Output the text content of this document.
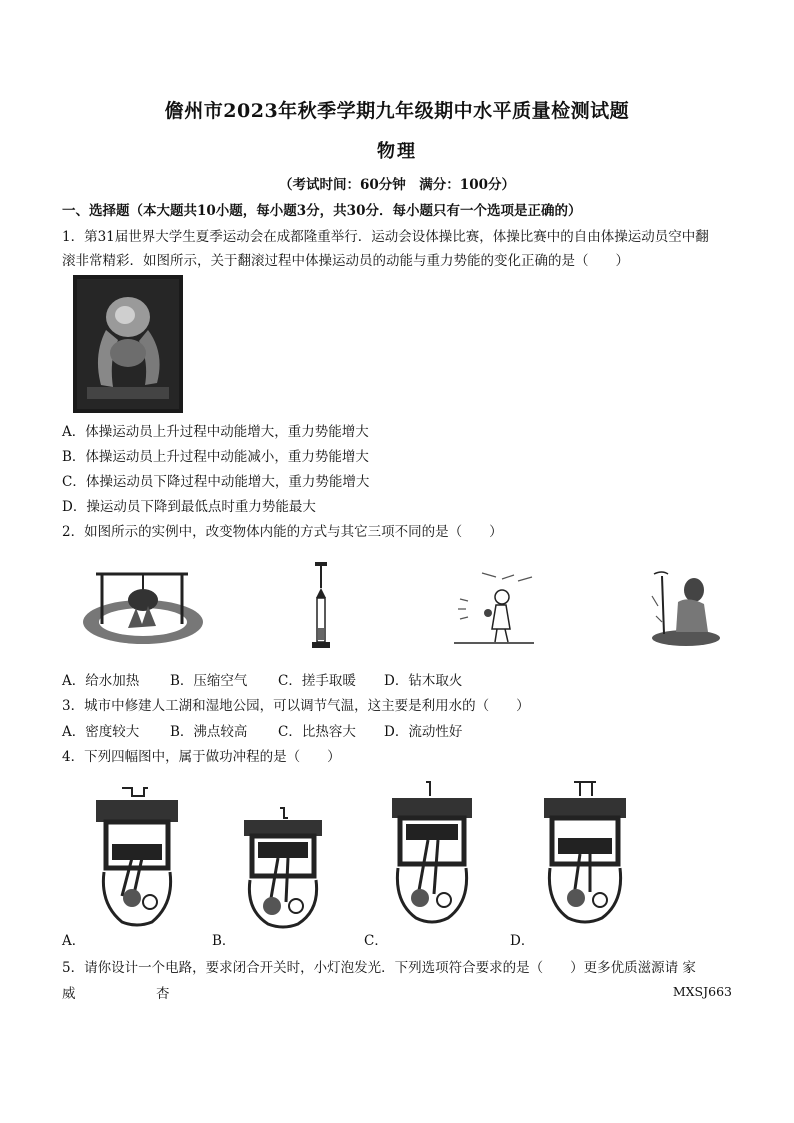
儋州市2023年秋季学期九年级期中水平质量检测试题
物理
（考试时间：60分钟　满分：100分）
一、选择题（本大题共10小题，每小题3分，共30分．每小题只有一个选项是正确的）
1．第31届世界大学生夏季运动会在成都隆重举行．运动会设体操比赛，体操比赛中的自由体操运动员空中翻
滚非常精彩．如图所示，关于翻滚过程中体操运动员的动能与重力势能的变化正确的是（　　）
A．体操运动员上升过程中动能增大，重力势能增大
B．体操运动员上升过程中动能减小，重力势能增大
C．体操运动员下降过程中动能增大，重力势能增大
D．操运动员下降到最低点时重力势能最大
2．如图所示的实例中，改变物体内能的方式与其它三项不同的是（　　）
A．给水加热 B．压缩空气 C．搓手取暖 D．钻木取火
3．城市中修建人工湖和湿地公园，可以调节气温，这主要是利用水的（　　）
A．密度较大 B．沸点较高 C．比热容大 D．流动性好
4．下列四幅图中，属于做功冲程的是（　　）
A．	B．	C．	D．
5．请你设计一个电路，要求闭合开关时，小灯泡发光．下列选项符合要求的是（　　）更多优质滋源请 家
威	杏	MXSJ663
